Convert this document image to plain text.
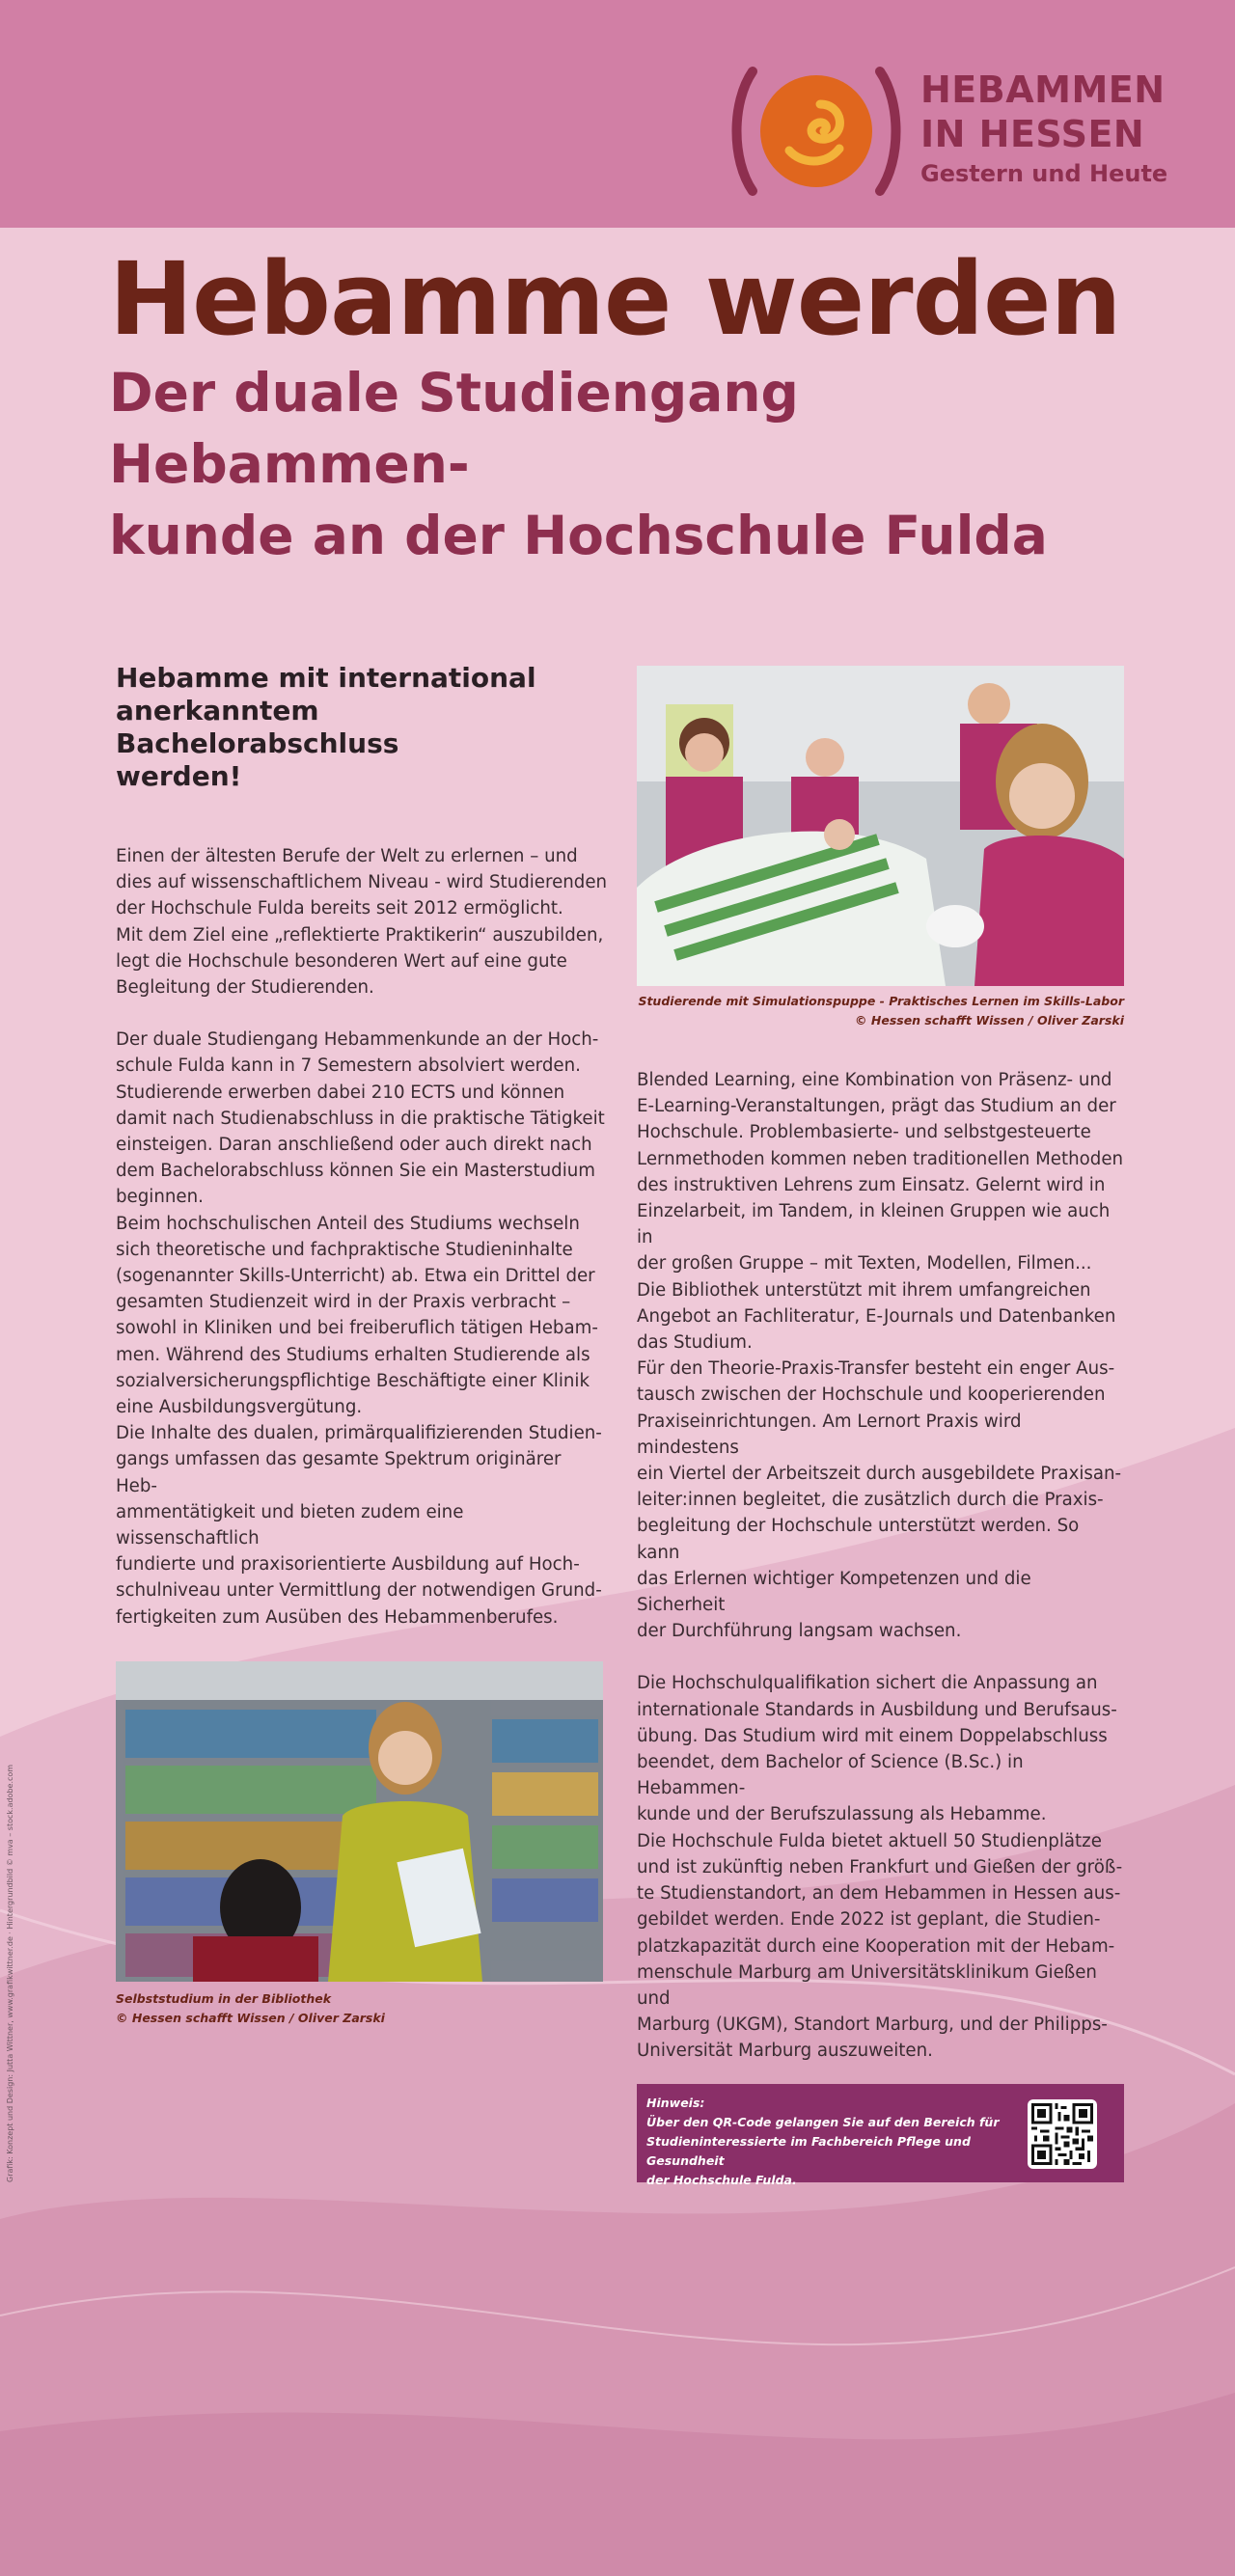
HEBAMMEN
IN HESSEN
Gestern und Heute
Hebamme werden
Der duale Studiengang Hebammen-
kunde an der Hochschule Fulda
Hebamme mit international
anerkanntem Bachelorabschluss
werden!

Einen der ältesten Berufe der Welt zu erlernen – und
dies auf wissenschaftlichem Niveau - wird Studierenden
der Hochschule Fulda bereits seit 2012 ermöglicht.
Mit dem Ziel eine „reflektierte Praktikerin“ auszubilden,
legt die Hochschule besonderen Wert auf eine gute
Begleitung der Studierenden.

Der duale Studiengang Hebammenkunde an der Hoch-
schule Fulda kann in 7 Semestern absolviert werden.
Studierende erwerben dabei 210 ECTS und können
damit nach Studienabschluss in die praktische Tätigkeit
einsteigen. Daran anschließend oder auch direkt nach
dem Bachelorabschluss können Sie ein Masterstudium
beginnen.
Beim hochschulischen Anteil des Studiums wechseln
sich theoretische und fachpraktische Studieninhalte
(sogenannter Skills-Unterricht) ab. Etwa ein Drittel der
gesamten Studienzeit wird in der Praxis verbracht –
sowohl in Kliniken und bei freiberuflich tätigen Hebam-
men. Während des Studiums erhalten Studierende als
sozialversicherungspflichtige Beschäftigte einer Klinik
eine Ausbildungsvergütung.
Die Inhalte des dualen, primärqualifizierenden Studien-
gangs umfassen das gesamte Spektrum originärer Heb-
ammentätigkeit und bieten zudem eine wissenschaftlich
fundierte und praxisorientierte Ausbildung auf Hoch-
schulniveau unter Vermittlung der notwendigen Grund-
fertigkeiten zum Ausüben des Hebammenberufes.

Selbststudium in der Bibliothek
© Hessen schafft Wissen / Oliver Zarski
Studierende mit Simulationspuppe - Praktisches Lernen im Skills-Labor
© Hessen schafft Wissen / Oliver Zarski

Blended Learning, eine Kombination von Präsenz- und
E-Learning-Veranstaltungen, prägt das Studium an der
Hochschule. Problembasierte- und selbstgesteuerte
Lernmethoden kommen neben traditionellen Methoden
des instruktiven Lehrens zum Einsatz. Gelernt wird in
Einzelarbeit, im Tandem, in kleinen Gruppen wie auch in
der großen Gruppe – mit Texten, Modellen, Filmen...
Die Bibliothek unterstützt mit ihrem umfangreichen
Angebot an Fachliteratur, E-Journals und Datenbanken
das Studium.
Für den Theorie-Praxis-Transfer besteht ein enger Aus-
tausch zwischen der Hochschule und kooperierenden
Praxiseinrichtungen. Am Lernort Praxis wird mindestens
ein Viertel der Arbeitszeit durch ausgebildete Praxisan-
leiter:innen begleitet, die zusätzlich durch die Praxis-
begleitung der Hochschule unterstützt werden. So kann
das Erlernen wichtiger Kompetenzen und die Sicherheit
der Durchführung langsam wachsen.

Die Hochschulqualifikation sichert die Anpassung an
internationale Standards in Ausbildung und Berufsaus-
übung. Das Studium wird mit einem Doppelabschluss
beendet, dem Bachelor of Science (B.Sc.) in Hebammen-
kunde und der Berufszulassung als Hebamme.
Die Hochschule Fulda bietet aktuell 50 Studienplätze
und ist zukünftig neben Frankfurt und Gießen der größ-
te Studienstandort, an dem Hebammen in Hessen aus-
gebildet werden. Ende 2022 ist geplant, die Studien-
platzkapazität durch eine Kooperation mit der Hebam-
menschule Marburg am Universitätsklinikum Gießen und
Marburg (UKGM), Standort Marburg, und der Philipps-
Universität Marburg auszuweiten.

Hinweis:
Über den QR-Code gelangen Sie auf den Bereich für
Studieninteressierte im Fachbereich Pflege und Gesundheit
der Hochschule Fulda.
Grafik: Konzept und Design: Jutta Wittner, www.grafikwittner.de · Hintergrundbild © mva – stock.adobe.com
